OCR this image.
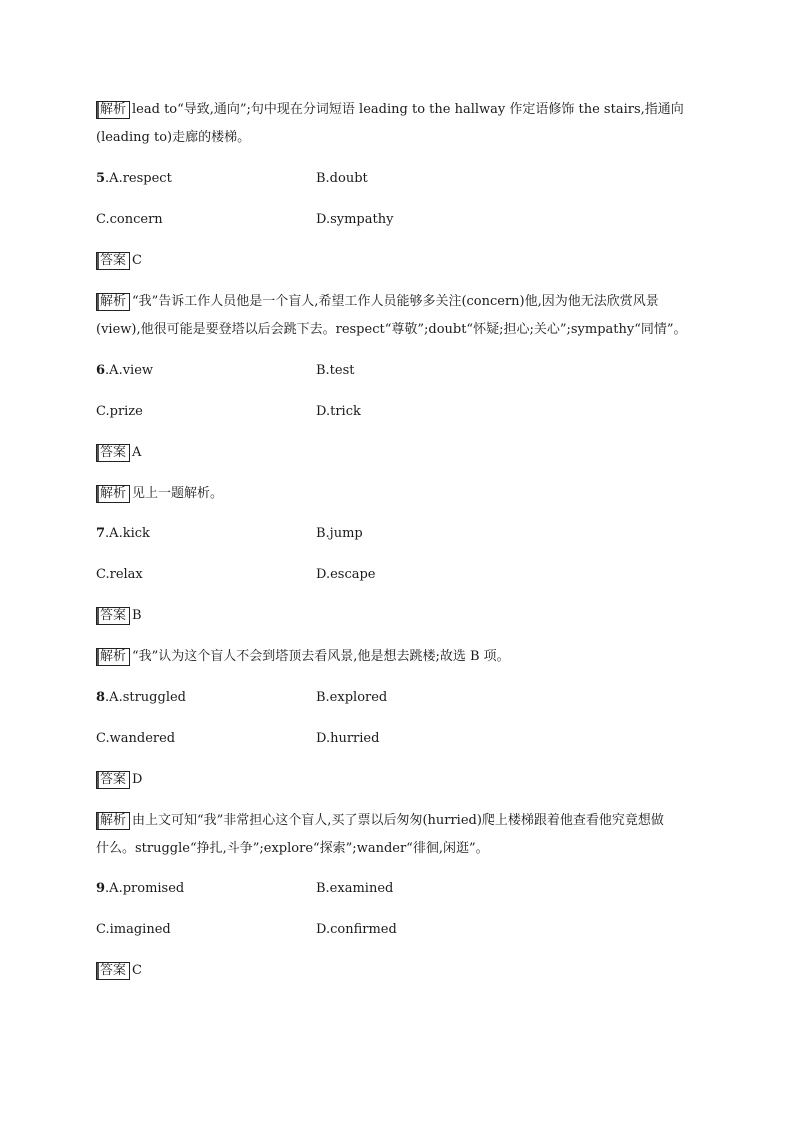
解析 lead to“导致,通向”;句中现在分词短语 leading to the hallway 作定语修饰 the stairs,指通向
(leading to)走廊的楼梯。
5.A.respect	B.doubt
C.concern	D.sympathy
答案 C
解析 “我”告诉工作人员他是一个盲人,希望工作人员能够多关注(concern)他,因为他无法欣赏风景
(view),他很可能是要登塔以后会跳下去。respect“尊敬”;doubt“怀疑;担心;关心”;sympathy“同情”。
6.A.view	B.test
C.prize	D.trick
答案 A
解析 见上一题解析。
7.A.kick	B.jump
C.relax	D.escape
答案 B
解析 “我”认为这个盲人不会到塔顶去看风景,他是想去跳楼;故选 B 项。
8.A.struggled	B.explored
C.wandered	D.hurried
答案 D
解析 由上文可知“我”非常担心这个盲人,买了票以后匆匆(hurried)爬上楼梯跟着他查看他究竟想做
什么。struggle“挣扎,斗争”;explore“探索”;wander“徘徊,闲逛”。
9.A.promised	B.examined
C.imagined	D.confirmed
答案 C
